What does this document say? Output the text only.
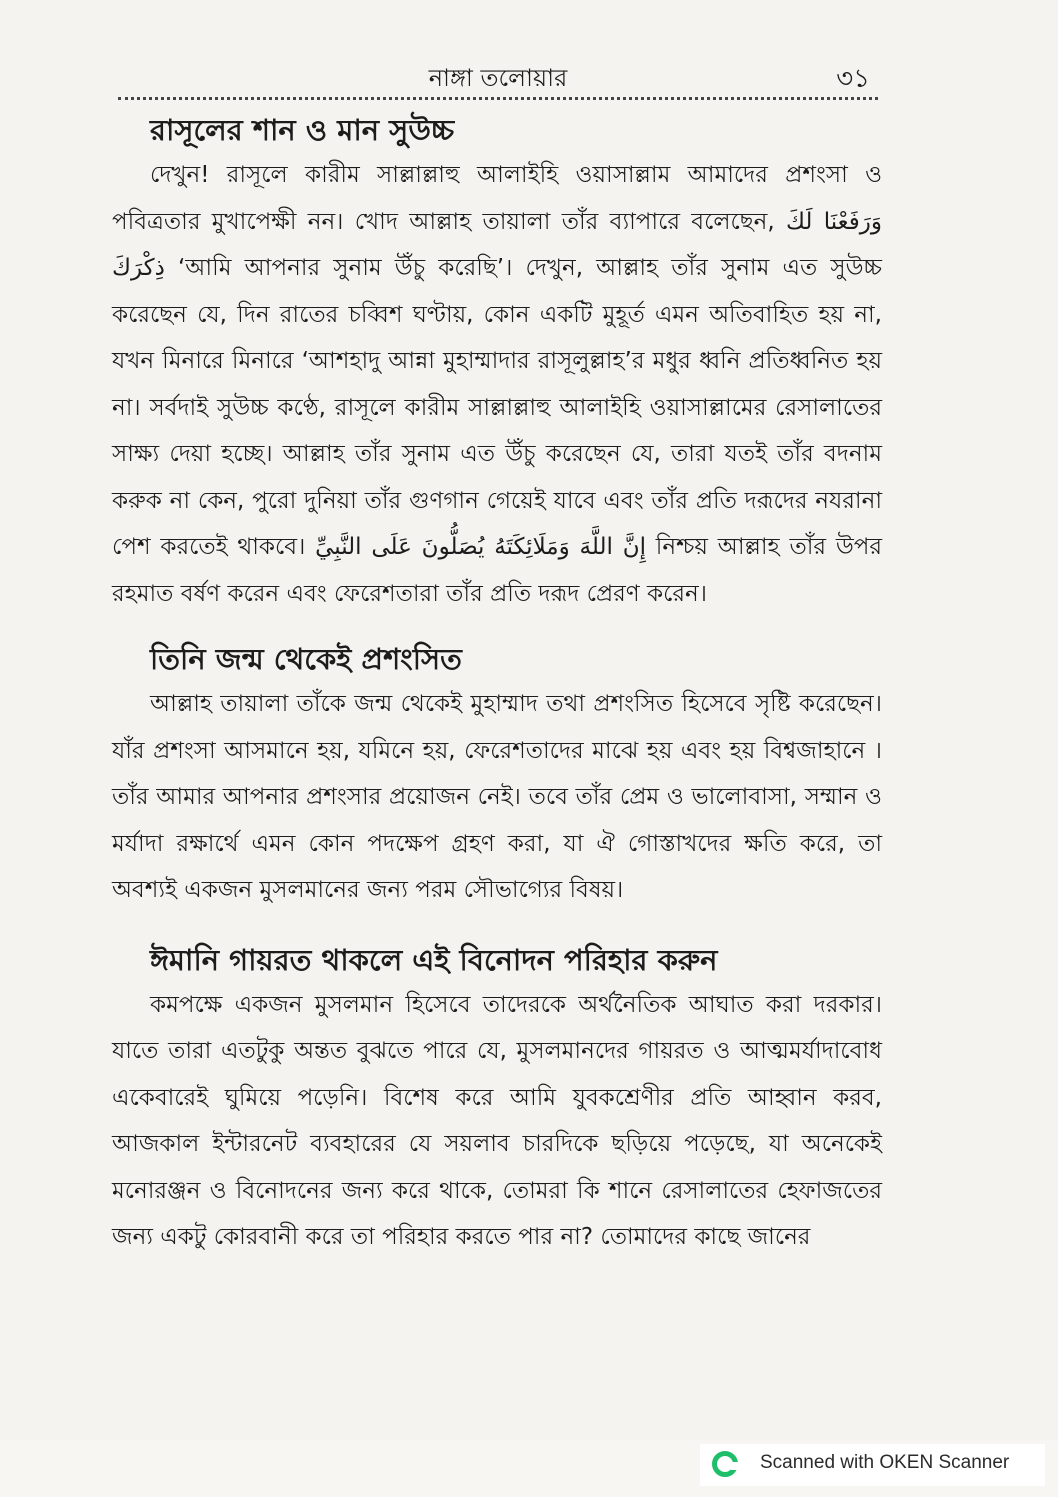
নাঙ্গা তলোয়ার	৩১
রাসূলের শান ও মান সুউচ্চ

দেখুন! রাসূলে কারীম সাল্লাল্লাহু আলাইহি ওয়াসাল্লাম আমাদের প্রশংসা ও পবিত্রতার মুখাপেক্ষী নন। খোদ আল্লাহ তায়ালা তাঁর ব্যাপারে বলেছেন, وَرَفَعْنَا لَكَ ذِكْرَكَ ‘আমি আপনার সুনাম উঁচু করেছি’। দেখুন, আল্লাহ তাঁর সুনাম এত সুউচ্চ করেছেন যে, দিন রাতের চব্বিশ ঘণ্টায়, কোন একটি মুহূর্ত এমন অতিবাহিত হয় না, যখন মিনারে মিনারে ‘আশহাদু আন্না মুহাম্মাদার রাসূলুল্লাহ’র মধুর ধ্বনি প্রতিধ্বনিত হয় না। সর্বদাই সুউচ্চ কণ্ঠে, রাসূলে কারীম সাল্লাল্লাহু আলাইহি ওয়াসাল্লামের রেসালাতের সাক্ষ্য দেয়া হচ্ছে। আল্লাহ তাঁর সুনাম এত উঁচু করেছেন যে, তারা যতই তাঁর বদনাম করুক না কেন, পুরো দুনিয়া তাঁর গুণগান গেয়েই যাবে এবং তাঁর প্রতি দরূদের নযরানা পেশ করতেই থাকবে। إِنَّ اللَّهَ وَمَلَائِكَتَهُ يُصَلُّونَ عَلَى النَّبِيِّ নিশ্চয় আল্লাহ তাঁর উপর রহমাত বর্ষণ করেন এবং ফেরেশতারা তাঁর প্রতি দরূদ প্রেরণ করেন।

তিনি জন্ম থেকেই প্রশংসিত

আল্লাহ তায়ালা তাঁকে জন্ম থেকেই মুহাম্মাদ তথা প্রশংসিত হিসেবে সৃষ্টি করেছেন। যাঁর প্রশংসা আসমানে হয়, যমিনে হয়, ফেরেশতাদের মাঝে হয় এবং হয় বিশ্বজাহানে । তাঁর আমার আপনার প্রশংসার প্রয়োজন নেই। তবে তাঁর প্রেম ও ভালোবাসা, সম্মান ও মর্যাদা রক্ষার্থে এমন কোন পদক্ষেপ গ্রহণ করা, যা ঐ গোস্তাখদের ক্ষতি করে, তা অবশ্যই একজন মুসলমানের জন্য পরম সৌভাগ্যের বিষয়।

ঈমানি গায়রত থাকলে এই বিনোদন পরিহার করুন

কমপক্ষে একজন মুসলমান হিসেবে তাদেরকে অর্থনৈতিক আঘাত করা দরকার। যাতে তারা এতটুকু অন্তত বুঝতে পারে যে, মুসলমানদের গায়রত ও আত্মমর্যাদাবোধ একেবারেই ঘুমিয়ে পড়েনি। বিশেষ করে আমি যুবকশ্রেণীর প্রতি আহ্বান করব, আজকাল ইন্টারনেট ব্যবহারের যে সয়লাব চারদিকে ছড়িয়ে পড়েছে, যা অনেকেই মনোরঞ্জন ও বিনোদনের জন্য করে থাকে, তোমরা কি শানে রেসালাতের হেফাজতের জন্য একটু কোরবানী করে তা পরিহার করতে পার না? তোমাদের কাছে জানের

Scanned with OKEN Scanner
